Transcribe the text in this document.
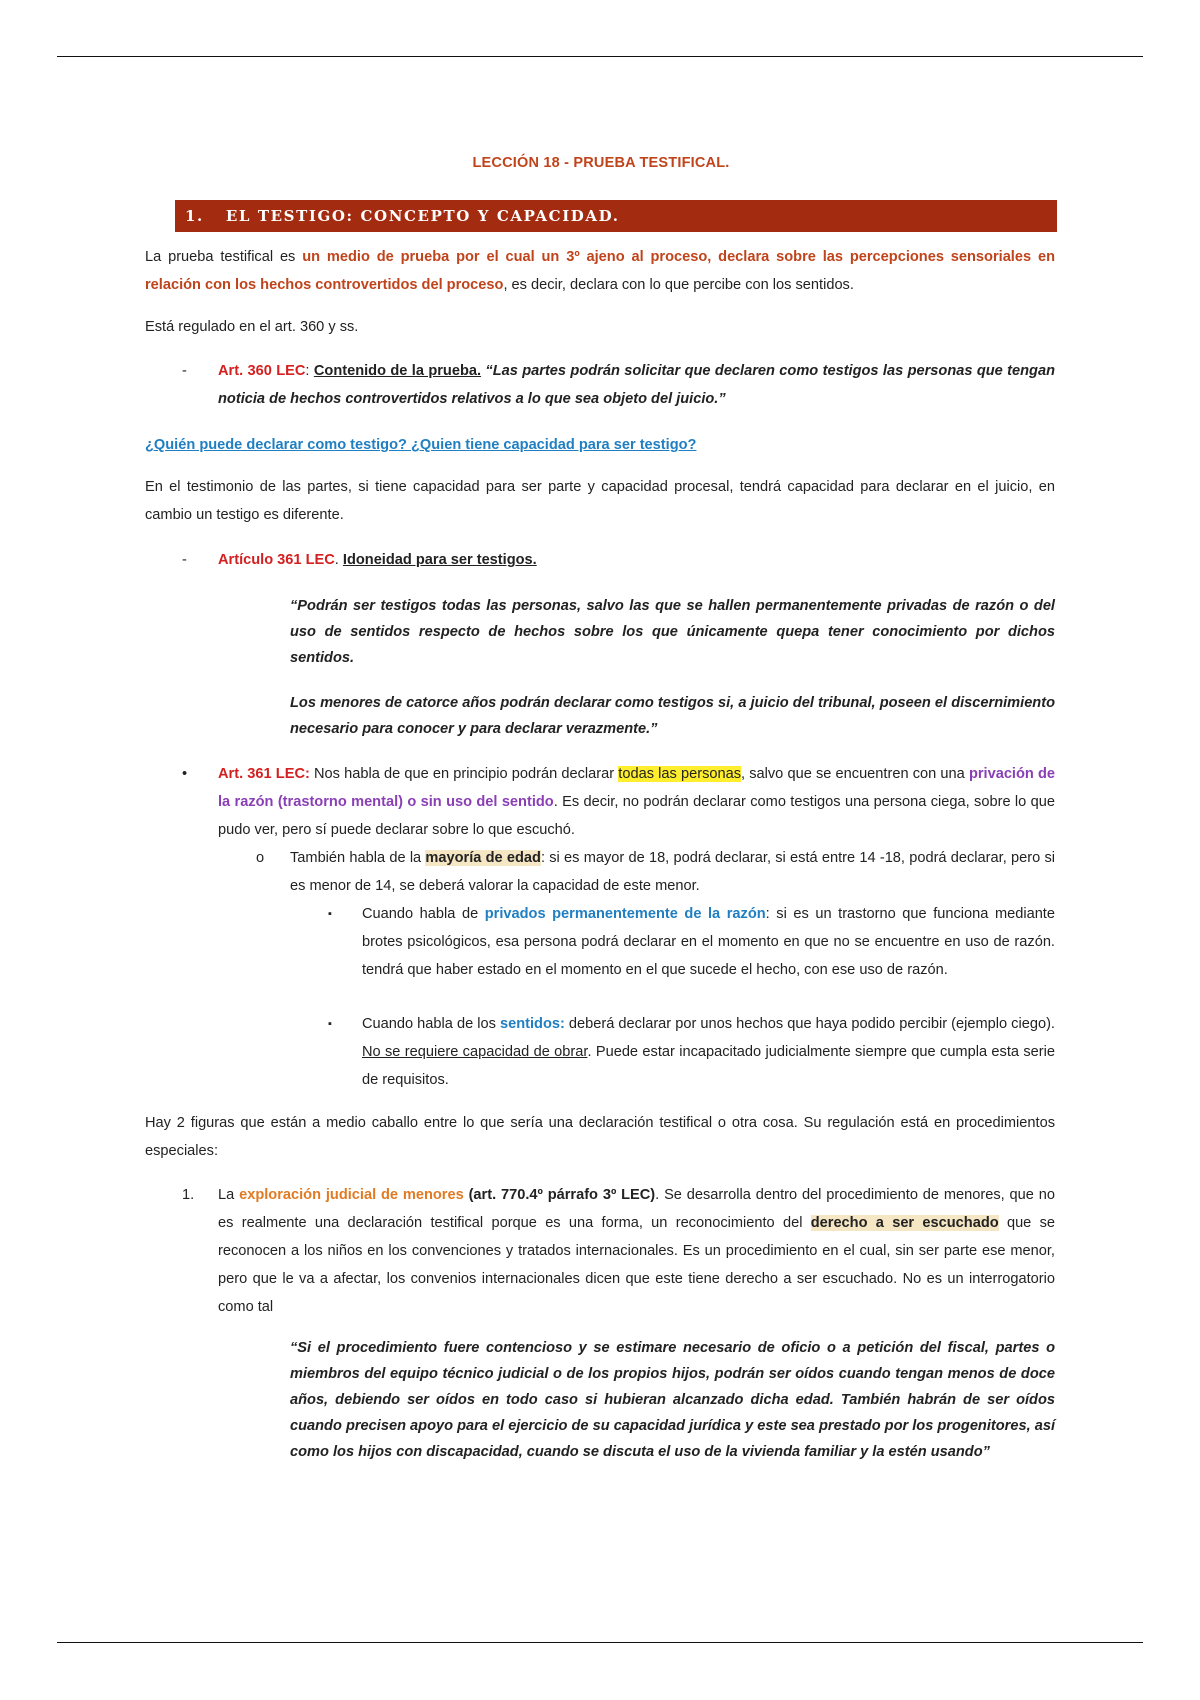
LECCIÓN 18 - PRUEBA TESTIFICAL.
1. EL TESTIGO: CONCEPTO Y CAPACIDAD.
La prueba testifical es un medio de prueba por el cual un 3º ajeno al proceso, declara sobre las percepciones sensoriales en relación con los hechos controvertidos del proceso, es decir, declara con lo que percibe con los sentidos.
Está regulado en el art. 360 y ss.
- Art. 360 LEC: Contenido de la prueba. “Las partes podrán solicitar que declaren como testigos las personas que tengan noticia de hechos controvertidos relativos a lo que sea objeto del juicio.”
¿Quién puede declarar como testigo? ¿Quien tiene capacidad para ser testigo?
En el testimonio de las partes, si tiene capacidad para ser parte y capacidad procesal, tendrá capacidad para declarar en el juicio, en cambio un testigo es diferente.
- Artículo 361 LEC. Idoneidad para ser testigos.
“Podrán ser testigos todas las personas, salvo las que se hallen permanentemente privadas de razón o del uso de sentidos respecto de hechos sobre los que únicamente quepa tener conocimiento por dichos sentidos.
Los menores de catorce años podrán declarar como testigos si, a juicio del tribunal, poseen el discernimiento necesario para conocer y para declarar verazmente.”
• Art. 361 LEC: Nos habla de que en principio podrán declarar todas las personas, salvo que se encuentren con una privación de la razón (trastorno mental) o sin uso del sentido. Es decir, no podrán declarar como testigos una persona ciega, sobre lo que pudo ver, pero sí puede declarar sobre lo que escuchó.
o También habla de la mayoría de edad: si es mayor de 18, podrá declarar, si está entre 14 -18, podrá declarar, pero si es menor de 14, se deberá valorar la capacidad de este menor.
▪ Cuando habla de privados permanentemente de la razón: si es un trastorno que funciona mediante brotes psicológicos, esa persona podrá declarar en el momento en que no se encuentre en uso de razón. tendrá que haber estado en el momento en el que sucede el hecho, con ese uso de razón.
▪ Cuando habla de los sentidos: deberá declarar por unos hechos que haya podido percibir (ejemplo ciego). No se requiere capacidad de obrar. Puede estar incapacitado judicialmente siempre que cumpla esta serie de requisitos.
Hay 2 figuras que están a medio caballo entre lo que sería una declaración testifical o otra cosa. Su regulación está en procedimientos especiales:
1. La exploración judicial de menores (art. 770.4º párrafo 3º LEC). Se desarrolla dentro del procedimiento de menores, que no es realmente una declaración testifical porque es una forma, un reconocimiento del derecho a ser escuchado que se reconocen a los niños en los convenciones y tratados internacionales. Es un procedimiento en el cual, sin ser parte ese menor, pero que le va a afectar, los convenios internacionales dicen que este tiene derecho a ser escuchado. No es un interrogatorio como tal
“Si el procedimiento fuere contencioso y se estimare necesario de oficio o a petición del fiscal, partes o miembros del equipo técnico judicial o de los propios hijos, podrán ser oídos cuando tengan menos de doce años, debiendo ser oídos en todo caso si hubieran alcanzado dicha edad. También habrán de ser oídos cuando precisen apoyo para el ejercicio de su capacidad jurídica y este sea prestado por los progenitores, así como los hijos con discapacidad, cuando se discuta el uso de la vivienda familiar y la estén usando”
